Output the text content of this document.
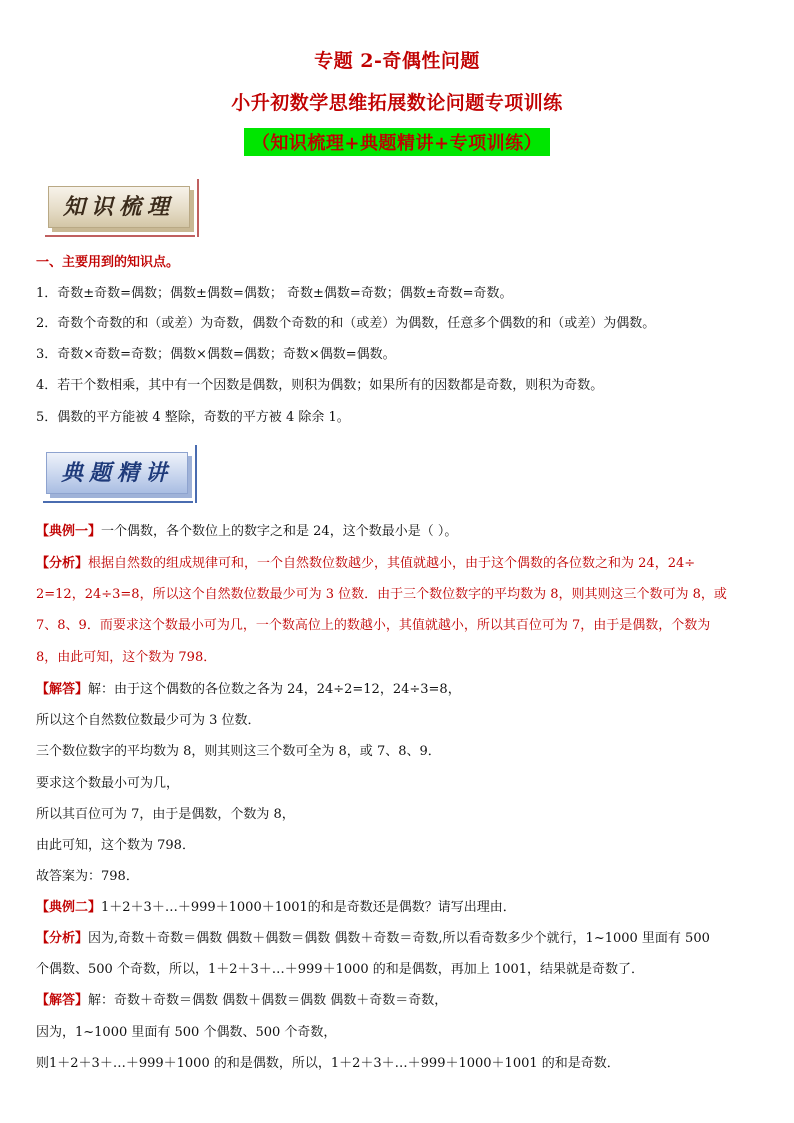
专题 2-奇偶性问题
小升初数学思维拓展数论问题专项训练
（知识梳理+典题精讲+专项训练）
知识梳理
一、主要用到的知识点。
1．奇数±奇数=偶数；偶数±偶数=偶数； 奇数±偶数=奇数；偶数±奇数=奇数。
2．奇数个奇数的和（或差）为奇数，偶数个奇数的和（或差）为偶数，任意多个偶数的和（或差）为偶数。
3．奇数×奇数=奇数；偶数×偶数=偶数；奇数×偶数=偶数。
4．若干个数相乘，其中有一个因数是偶数，则积为偶数；如果所有的因数都是奇数，则积为奇数。
5．偶数的平方能被 4 整除，奇数的平方被 4 除余 1。
典题精讲
【典例一】一个偶数，各个数位上的数字之和是 24，这个数最小是（ ）。
【分析】根据自然数的组成规律可和，一个自然数位数越少，其值就越小，由于这个偶数的各位数之和为 24，24÷
2=12，24÷3=8，所以这个自然数位数最少可为 3 位数．由于三个数位数字的平均数为 8，则其则这三个数可为 8，或
7、8、9．而要求这个数最小可为几，一个数高位上的数越小，其值就越小，所以其百位可为 7，由于是偶数，个数为
8，由此可知，这个数为 798．
【解答】解：由于这个偶数的各位数之各为 24，24÷2=12，24÷3=8，
所以这个自然数位数最少可为 3 位数．
三个数位数字的平均数为 8，则其则这三个数可全为 8，或 7、8、9．
要求这个数最小可为几，
所以其百位可为 7，由于是偶数，个数为 8，
由此可知，这个数为 798．
故答案为：798．
【典例二】1＋2＋3＋…＋999＋1000＋1001的和是奇数还是偶数？请写出理由．
【分析】因为,奇数＋奇数＝偶数 偶数＋偶数＝偶数 偶数＋奇数＝奇数,所以看奇数多少个就行，1~1000 里面有 500
个偶数、500 个奇数，所以，1＋2＋3＋…＋999＋1000 的和是偶数，再加上 1001，结果就是奇数了．
【解答】解：奇数＋奇数＝偶数 偶数＋偶数＝偶数 偶数＋奇数＝奇数，
因为，1~1000 里面有 500 个偶数、500 个奇数，
则1＋2＋3＋…＋999＋1000 的和是偶数，所以，1＋2＋3＋…＋999＋1000＋1001 的和是奇数．
